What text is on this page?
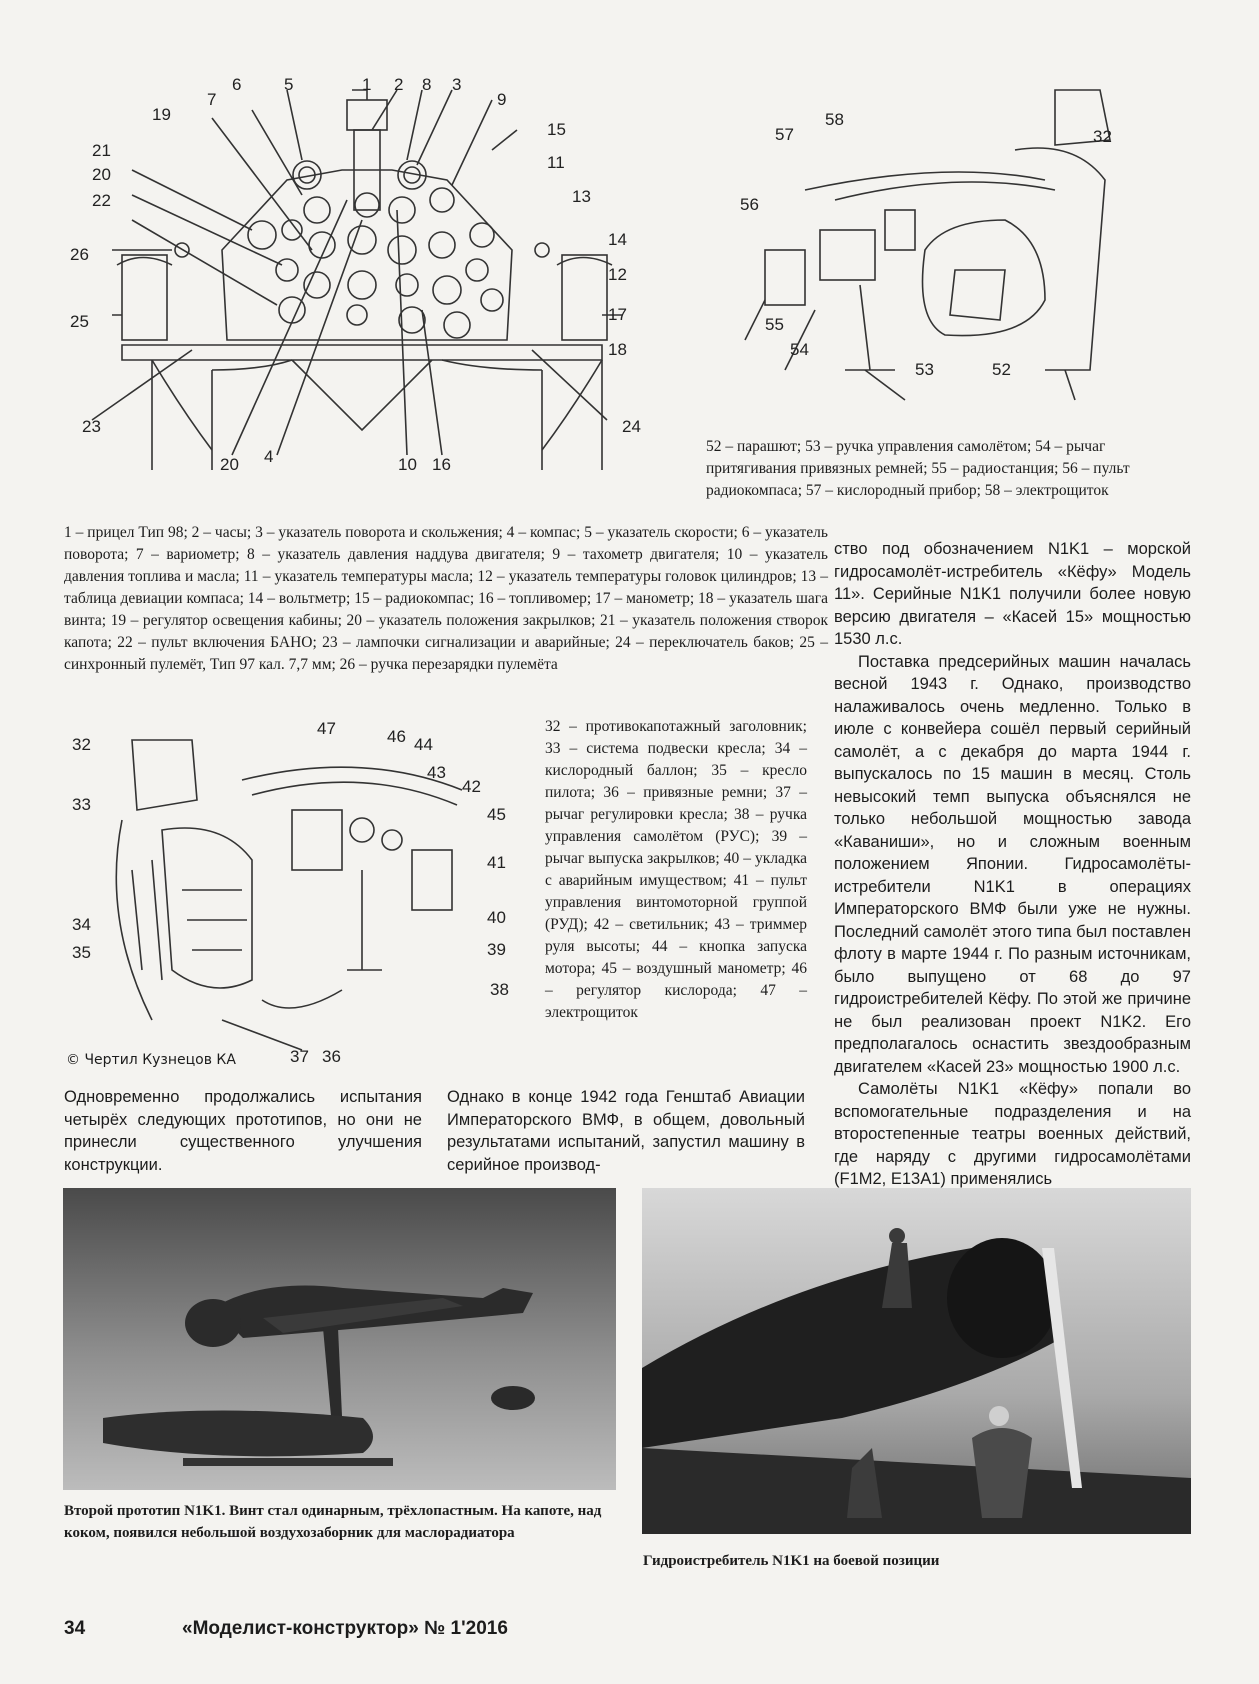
1 2	3
4
5
6
7
8
9
10
11
12
13
14
15
16
17
18
19
20
20
21
22
23	24
25
26
32
52
53
54
55
56
57
58
52 – парашют; 53 – ручка управления самолётом; 54 – рычаг притягивания привязных ремней; 55 – радиостанция; 56 – пульт радиокомпаса; 57 – кислородный прибор; 58 – электрощиток
1 – прицел Тип 98; 2 – часы; 3 – указатель поворота и скольжения; 4 – компас; 5 – указатель скорости; 6 – указатель поворота; 7 – вариометр; 8 – указатель давления наддува двигателя; 9 – тахометр двигателя; 10 – указатель давления топлива и масла; 11 – указатель температуры масла; 12 – указатель температуры головок цилиндров; 13 – таблица девиации компаса; 14 – вольтметр; 15 – радиокомпас; 16 – топливомер; 17 – манометр; 18 – указатель шага винта; 19 – регулятор освещения кабины; 20 – указатель положения закрылков; 21 – указатель положения створок капота; 22 – пульт включения БАНО; 23 – лампочки сигнализации и аварийные; 24 – переключатель баков; 25 – синхронный пулемёт, Тип 97 кал. 7,7 мм; 26 – ручка перезарядки пулемёта
32
33
34
35
36
37
38
39
40
41
42
43
44
45
46
47
© Чертил Кузнецов КА
32 – противокапотажный заголовник; 33 – система подвески кресла; 34 – кислородный баллон; 35 – кресло пилота; 36 – привязные ремни; 37 – рычаг регулировки кресла; 38 – ручка управления самолётом (РУС); 39 – рычаг выпуска закрылков; 40 – укладка с аварийным имуществом; 41 – пульт управления винтомоторной группой (РУД); 42 – светильник; 43 – триммер руля высоты; 44 – кнопка запуска мотора; 45 – воздушный манометр; 46 – регулятор кислорода; 47 – электрощиток

Одновременно продолжались испытания четырёх следующих прототипов, но они не принесли существенного улучшения конструкции.

Однако в конце 1942 года Генштаб Авиации Императорского ВМФ, в общем, довольный результатами испытаний, запустил машину в серийное производ-

ство под обозначением N1K1 – морской гидросамолёт-истребитель «Кёфу» Модель 11». Серийные N1K1 получили более новую версию двигателя – «Касей 15» мощностью 1530 л.с.

Поставка предсерийных машин началась весной 1943 г. Однако, производство налаживалось очень медленно. Только в июле с конвейера сошёл первый серийный самолёт, а с декабря до марта 1944 г. выпускалось по 15 машин в месяц. Столь невысокий темп выпуска объяснялся не только небольшой мощностью завода «Каваниши», но и сложным военным положением Японии. Гидросамолёты-истребители N1K1 в операциях Императорского ВМФ были уже не нужны. Последний самолёт этого типа был поставлен флоту в марте 1944 г. По разным источникам, было выпущено от 68 до 97 гидроистребителей Кёфу. По этой же причине не был реализован проект N1K2. Его предполагалось оснастить звездообразным двигателем «Касей 23» мощностью 1900 л.с.

Самолёты N1K1 «Кёфу» попали во вспомогательные подразделения и на второстепенные театры военных действий, где наряду с другими гидросамолётами (F1M2, E13A1) применялись

Второй прототип N1K1. Винт стал одинарным, трёхлопастным. На капоте, над коком, появился небольшой воздухозаборник для маслорадиатора
Гидроистребитель N1K1 на боевой позиции
34	«Моделист-конструктор» № 1'2016
